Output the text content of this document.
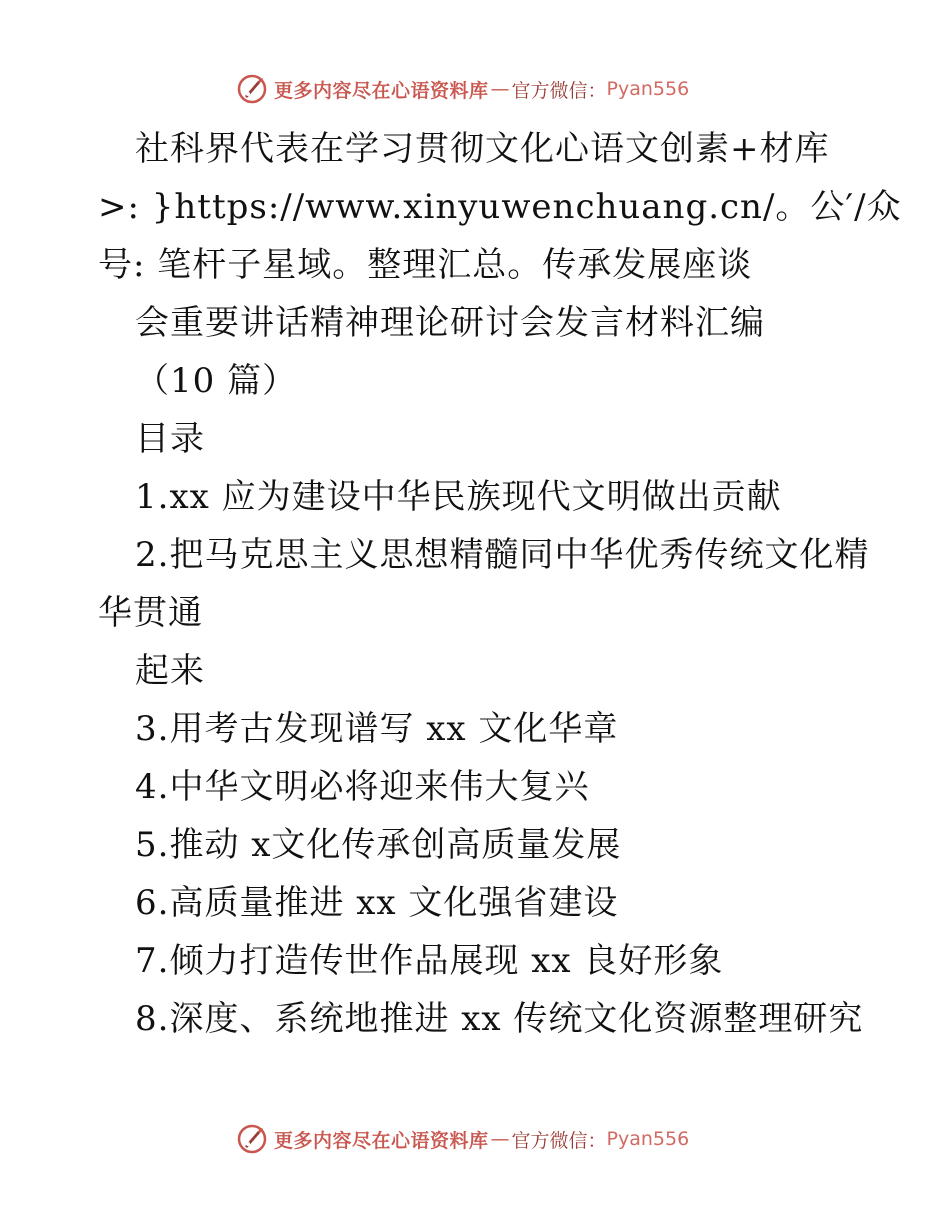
更多内容尽在心语资料库 — 官方微信： Pyan556
社科界代表在学习贯彻文化心语文创素+材库
>: }https://www.xinyuwenchuang.cn/。公′/众
号: 笔杆子星域。整理汇总。传承发展座谈
会重要讲话精神理论研讨会发言材料汇编
（10 篇）
目录
1.xx 应为建设中华民族现代文明做出贡献
2.把马克思主义思想精髓同中华优秀传统文化精
华贯通
起来
3.用考古发现谱写 xx 文化华章
4.中华文明必将迎来伟大复兴
5.推动 x文化传承创高质量发展
6.高质量推进 xx 文化强省建设
7.倾力打造传世作品展现 xx 良好形象
8.深度、系统地推进 xx 传统文化资源整理研究
更多内容尽在心语资料库 — 官方微信： Pyan556
